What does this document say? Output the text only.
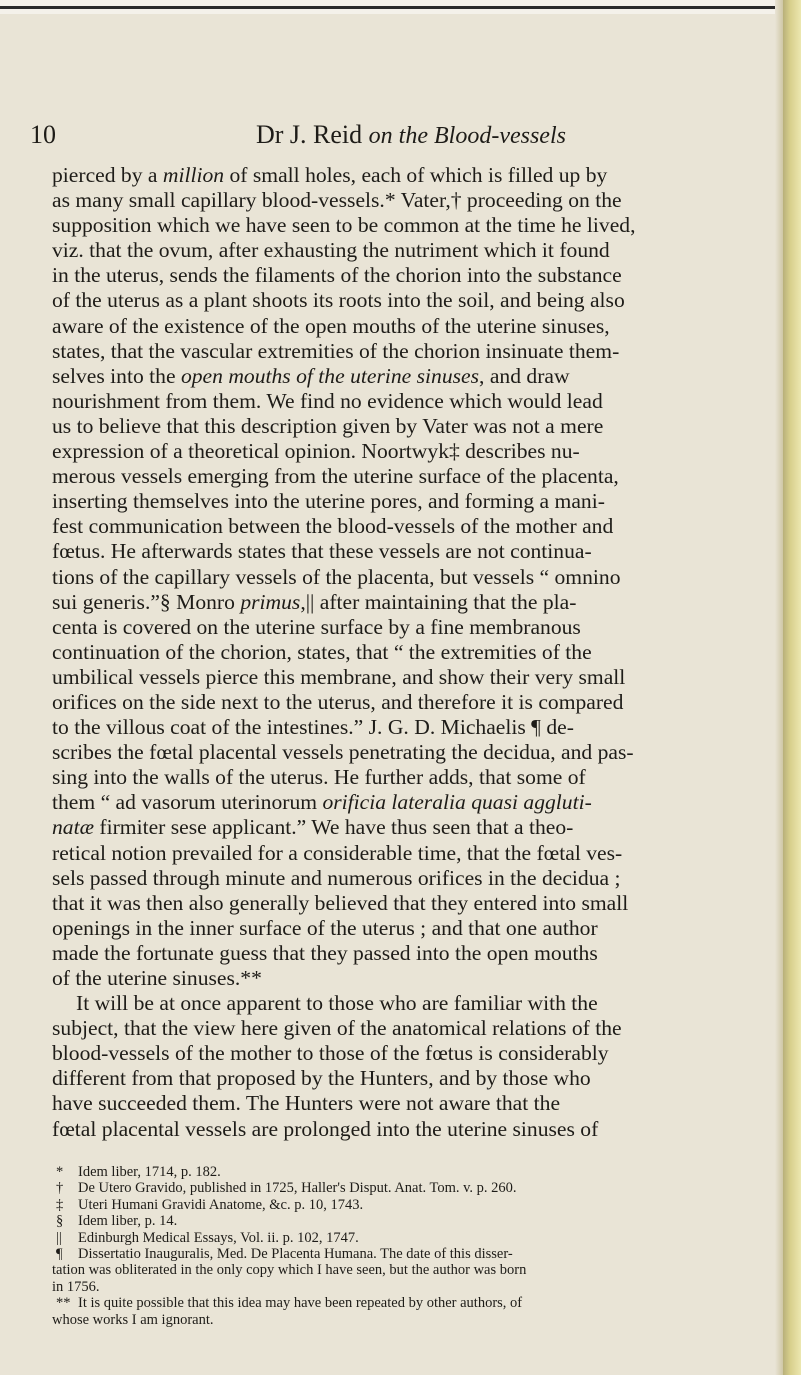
10	Dr J. Reid on the Blood-vessels
pierced by a million of small holes, each of which is filled up by
as many small capillary blood-vessels.* Vater,† proceeding on the
supposition which we have seen to be common at the time he lived,
viz. that the ovum, after exhausting the nutriment which it found
in the uterus, sends the filaments of the chorion into the substance
of the uterus as a plant shoots its roots into the soil, and being also
aware of the existence of the open mouths of the uterine sinuses,
states, that the vascular extremities of the chorion insinuate them-
selves into the open mouths of the uterine sinuses, and draw
nourishment from them. We find no evidence which would lead
us to believe that this description given by Vater was not a mere
expression of a theoretical opinion. Noortwyk‡ describes nu-
merous vessels emerging from the uterine surface of the placenta,
inserting themselves into the uterine pores, and forming a mani-
fest communication between the blood-vessels of the mother and
fœtus. He afterwards states that these vessels are not continua-
tions of the capillary vessels of the placenta, but vessels “ omnino
sui generis.”§ Monro primus,|| after maintaining that the pla-
centa is covered on the uterine surface by a fine membranous
continuation of the chorion, states, that “ the extremities of the
umbilical vessels pierce this membrane, and show their very small
orifices on the side next to the uterus, and therefore it is compared
to the villous coat of the intestines.” J. G. D. Michaelis ¶ de-
scribes the fœtal placental vessels penetrating the decidua, and pas-
sing into the walls of the uterus. He further adds, that some of
them “ ad vasorum uterinorum orificia lateralia quasi aggluti-
natæ firmiter sese applicant.” We have thus seen that a theo-
retical notion prevailed for a considerable time, that the fœtal ves-
sels passed through minute and numerous orifices in the decidua ;
that it was then also generally believed that they entered into small
openings in the inner surface of the uterus ; and that one author
made the fortunate guess that they passed into the open mouths
of the uterine sinuses.**
It will be at once apparent to those who are familiar with the
subject, that the view here given of the anatomical relations of the
blood-vessels of the mother to those of the fœtus is considerably
different from that proposed by the Hunters, and by those who
have succeeded them. The Hunters were not aware that the
fœtal placental vessels are prolonged into the uterine sinuses of
* Idem liber, 1714, p. 182.
† De Utero Gravido, published in 1725, Haller's Disput. Anat. Tom. v. p. 260.
‡ Uteri Humani Gravidi Anatome, &c. p. 10, 1743.
§ Idem liber, p. 14.
|| Edinburgh Medical Essays, Vol. ii. p. 102, 1747.
¶ Dissertatio Inauguralis, Med. De Placenta Humana. The date of this disser-
tation was obliterated in the only copy which I have seen, but the author was born
in 1756.
** It is quite possible that this idea may have been repeated by other authors, of
whose works I am ignorant.
